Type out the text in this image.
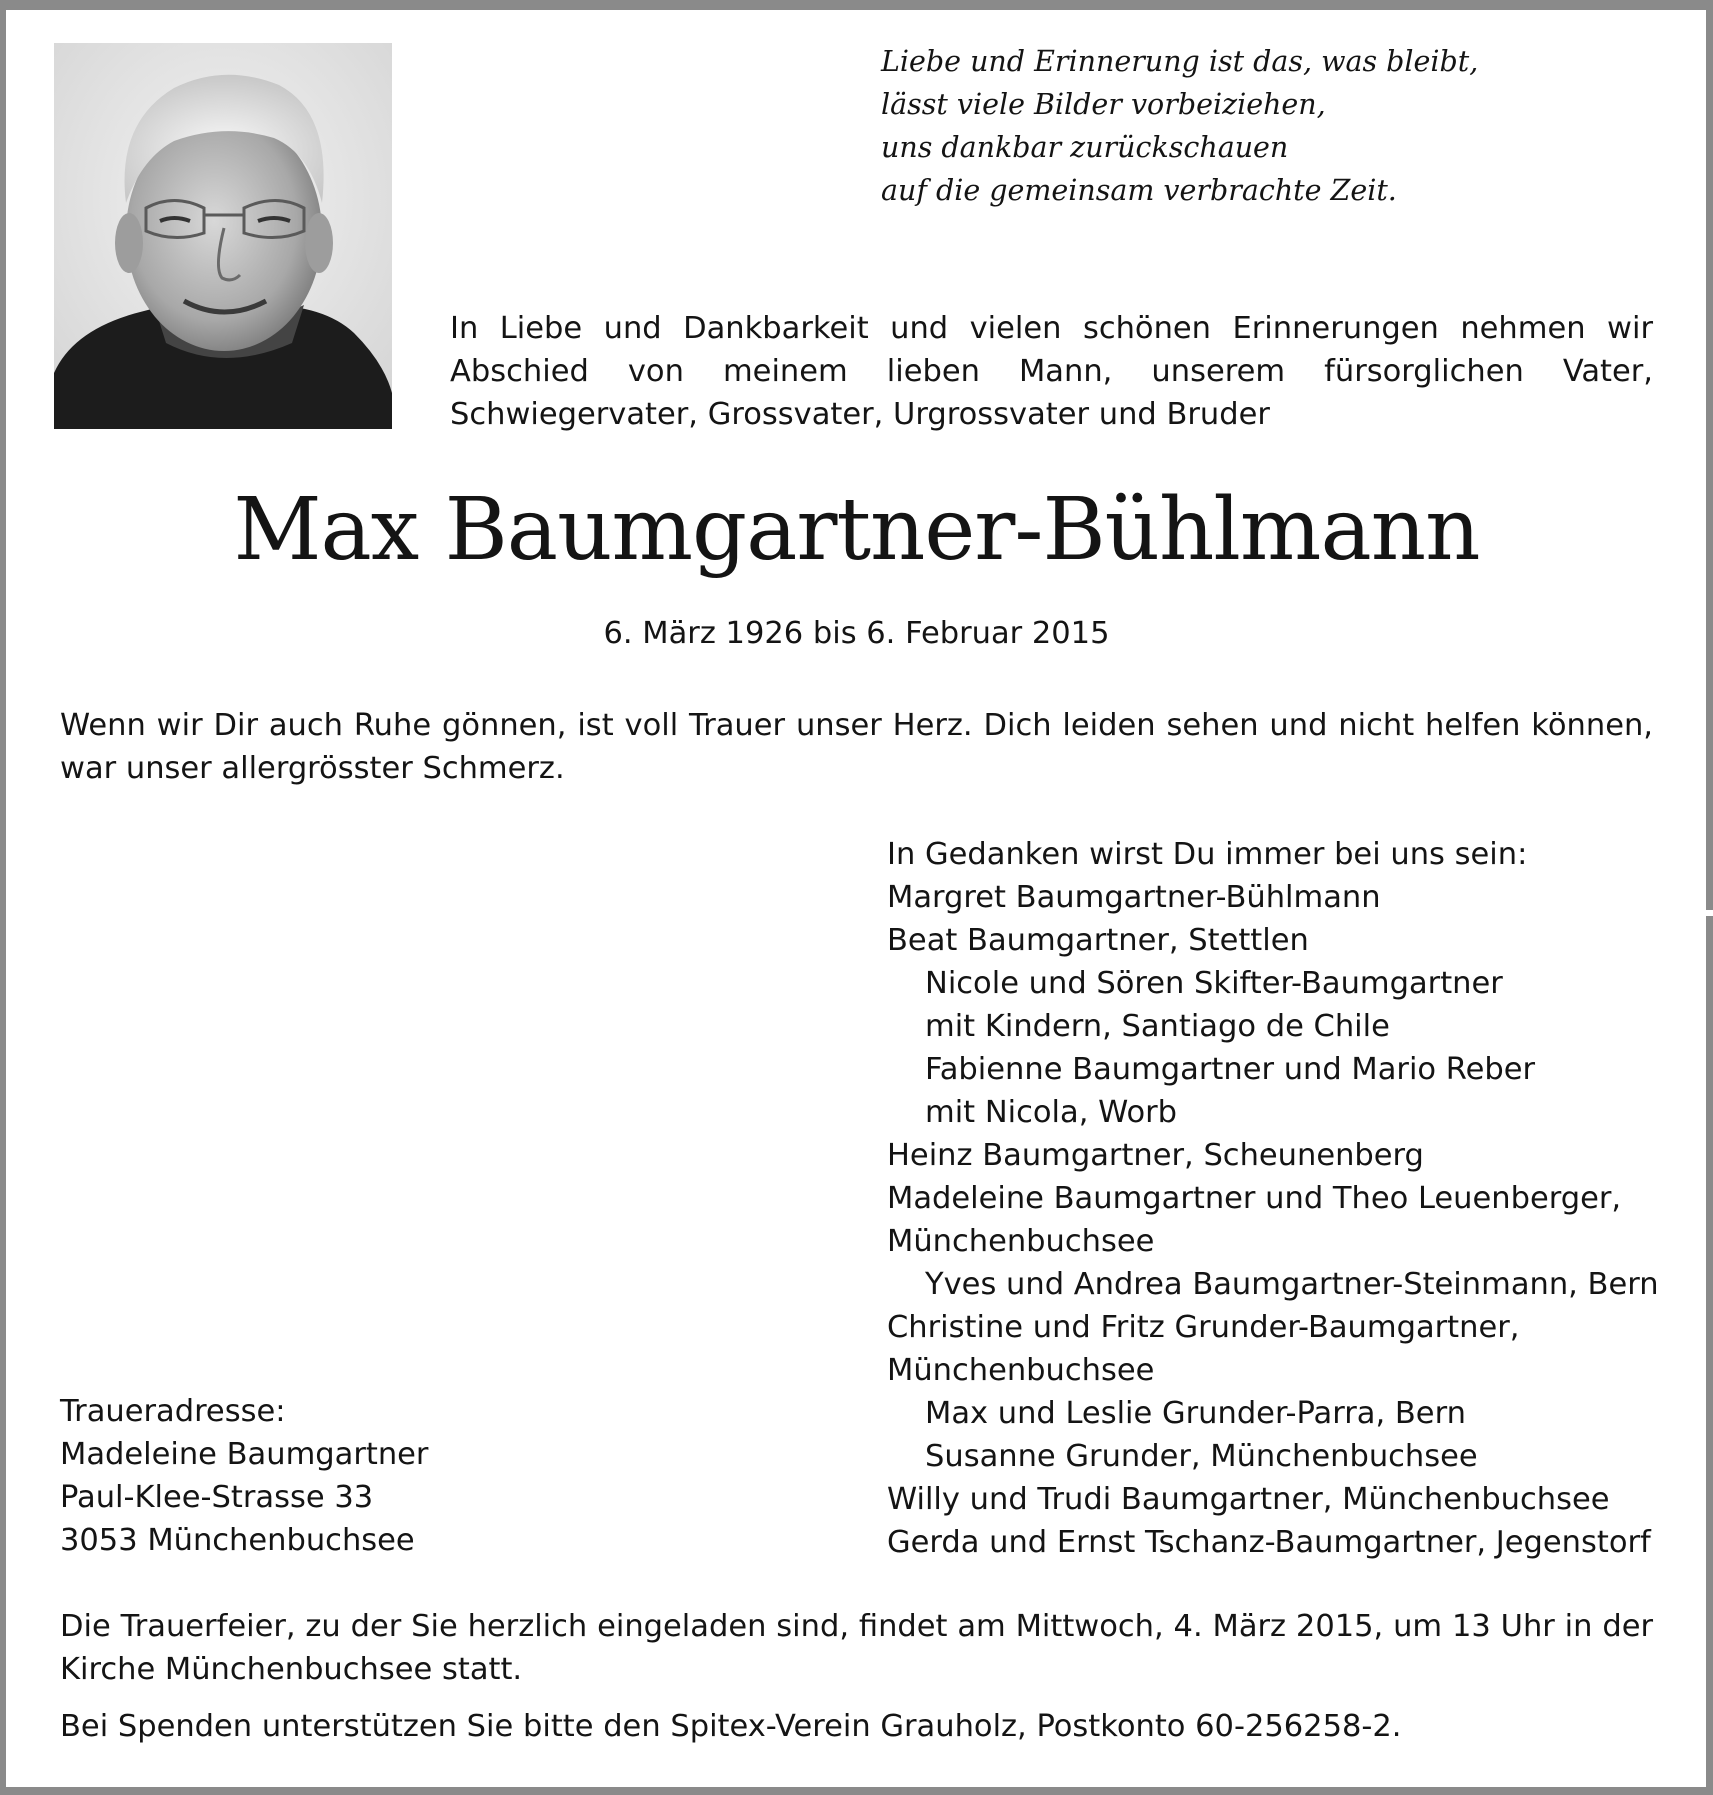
Liebe und Erinnerung ist das, was bleibt,
lässt viele Bilder vorbeiziehen,
uns dankbar zurückschauen
auf die gemeinsam verbrachte Zeit.
In Liebe und Dankbarkeit und vielen schönen Erinnerungen nehmen wir Abschied von meinem lieben Mann, unserem fürsorglichen Vater, Schwiegervater, Grossvater, Urgrossvater und Bruder
Max Baumgartner-Bühlmann
6. März 1926 bis 6. Februar 2015
Wenn wir Dir auch Ruhe gönnen, ist voll Trauer unser Herz. Dich leiden sehen und nicht helfen können, war unser allergrösster Schmerz.
In Gedanken wirst Du immer bei uns sein:
Margret Baumgartner-Bühlmann
Beat Baumgartner, Stettlen
Nicole und Sören Skifter-Baumgartner
mit Kindern, Santiago de Chile
Fabienne Baumgartner und Mario Reber
mit Nicola, Worb
Heinz Baumgartner, Scheunenberg
Madeleine Baumgartner und Theo Leuenberger,
Münchenbuchsee
Yves und Andrea Baumgartner-Steinmann, Bern
Christine und Fritz Grunder-Baumgartner,
Münchenbuchsee
Max und Leslie Grunder-Parra, Bern
Susanne Grunder, Münchenbuchsee
Willy und Trudi Baumgartner, Münchenbuchsee
Gerda und Ernst Tschanz-Baumgartner, Jegenstorf
Traueradresse:
Madeleine Baumgartner
Paul-Klee-Strasse 33
3053 Münchenbuchsee
Die Trauerfeier, zu der Sie herzlich eingeladen sind, findet am Mittwoch, 4. März 2015, um 13 Uhr in der Kirche Münchenbuchsee statt.
Bei Spenden unterstützen Sie bitte den Spitex-Verein Grauholz, Postkonto 60-256258-2.
